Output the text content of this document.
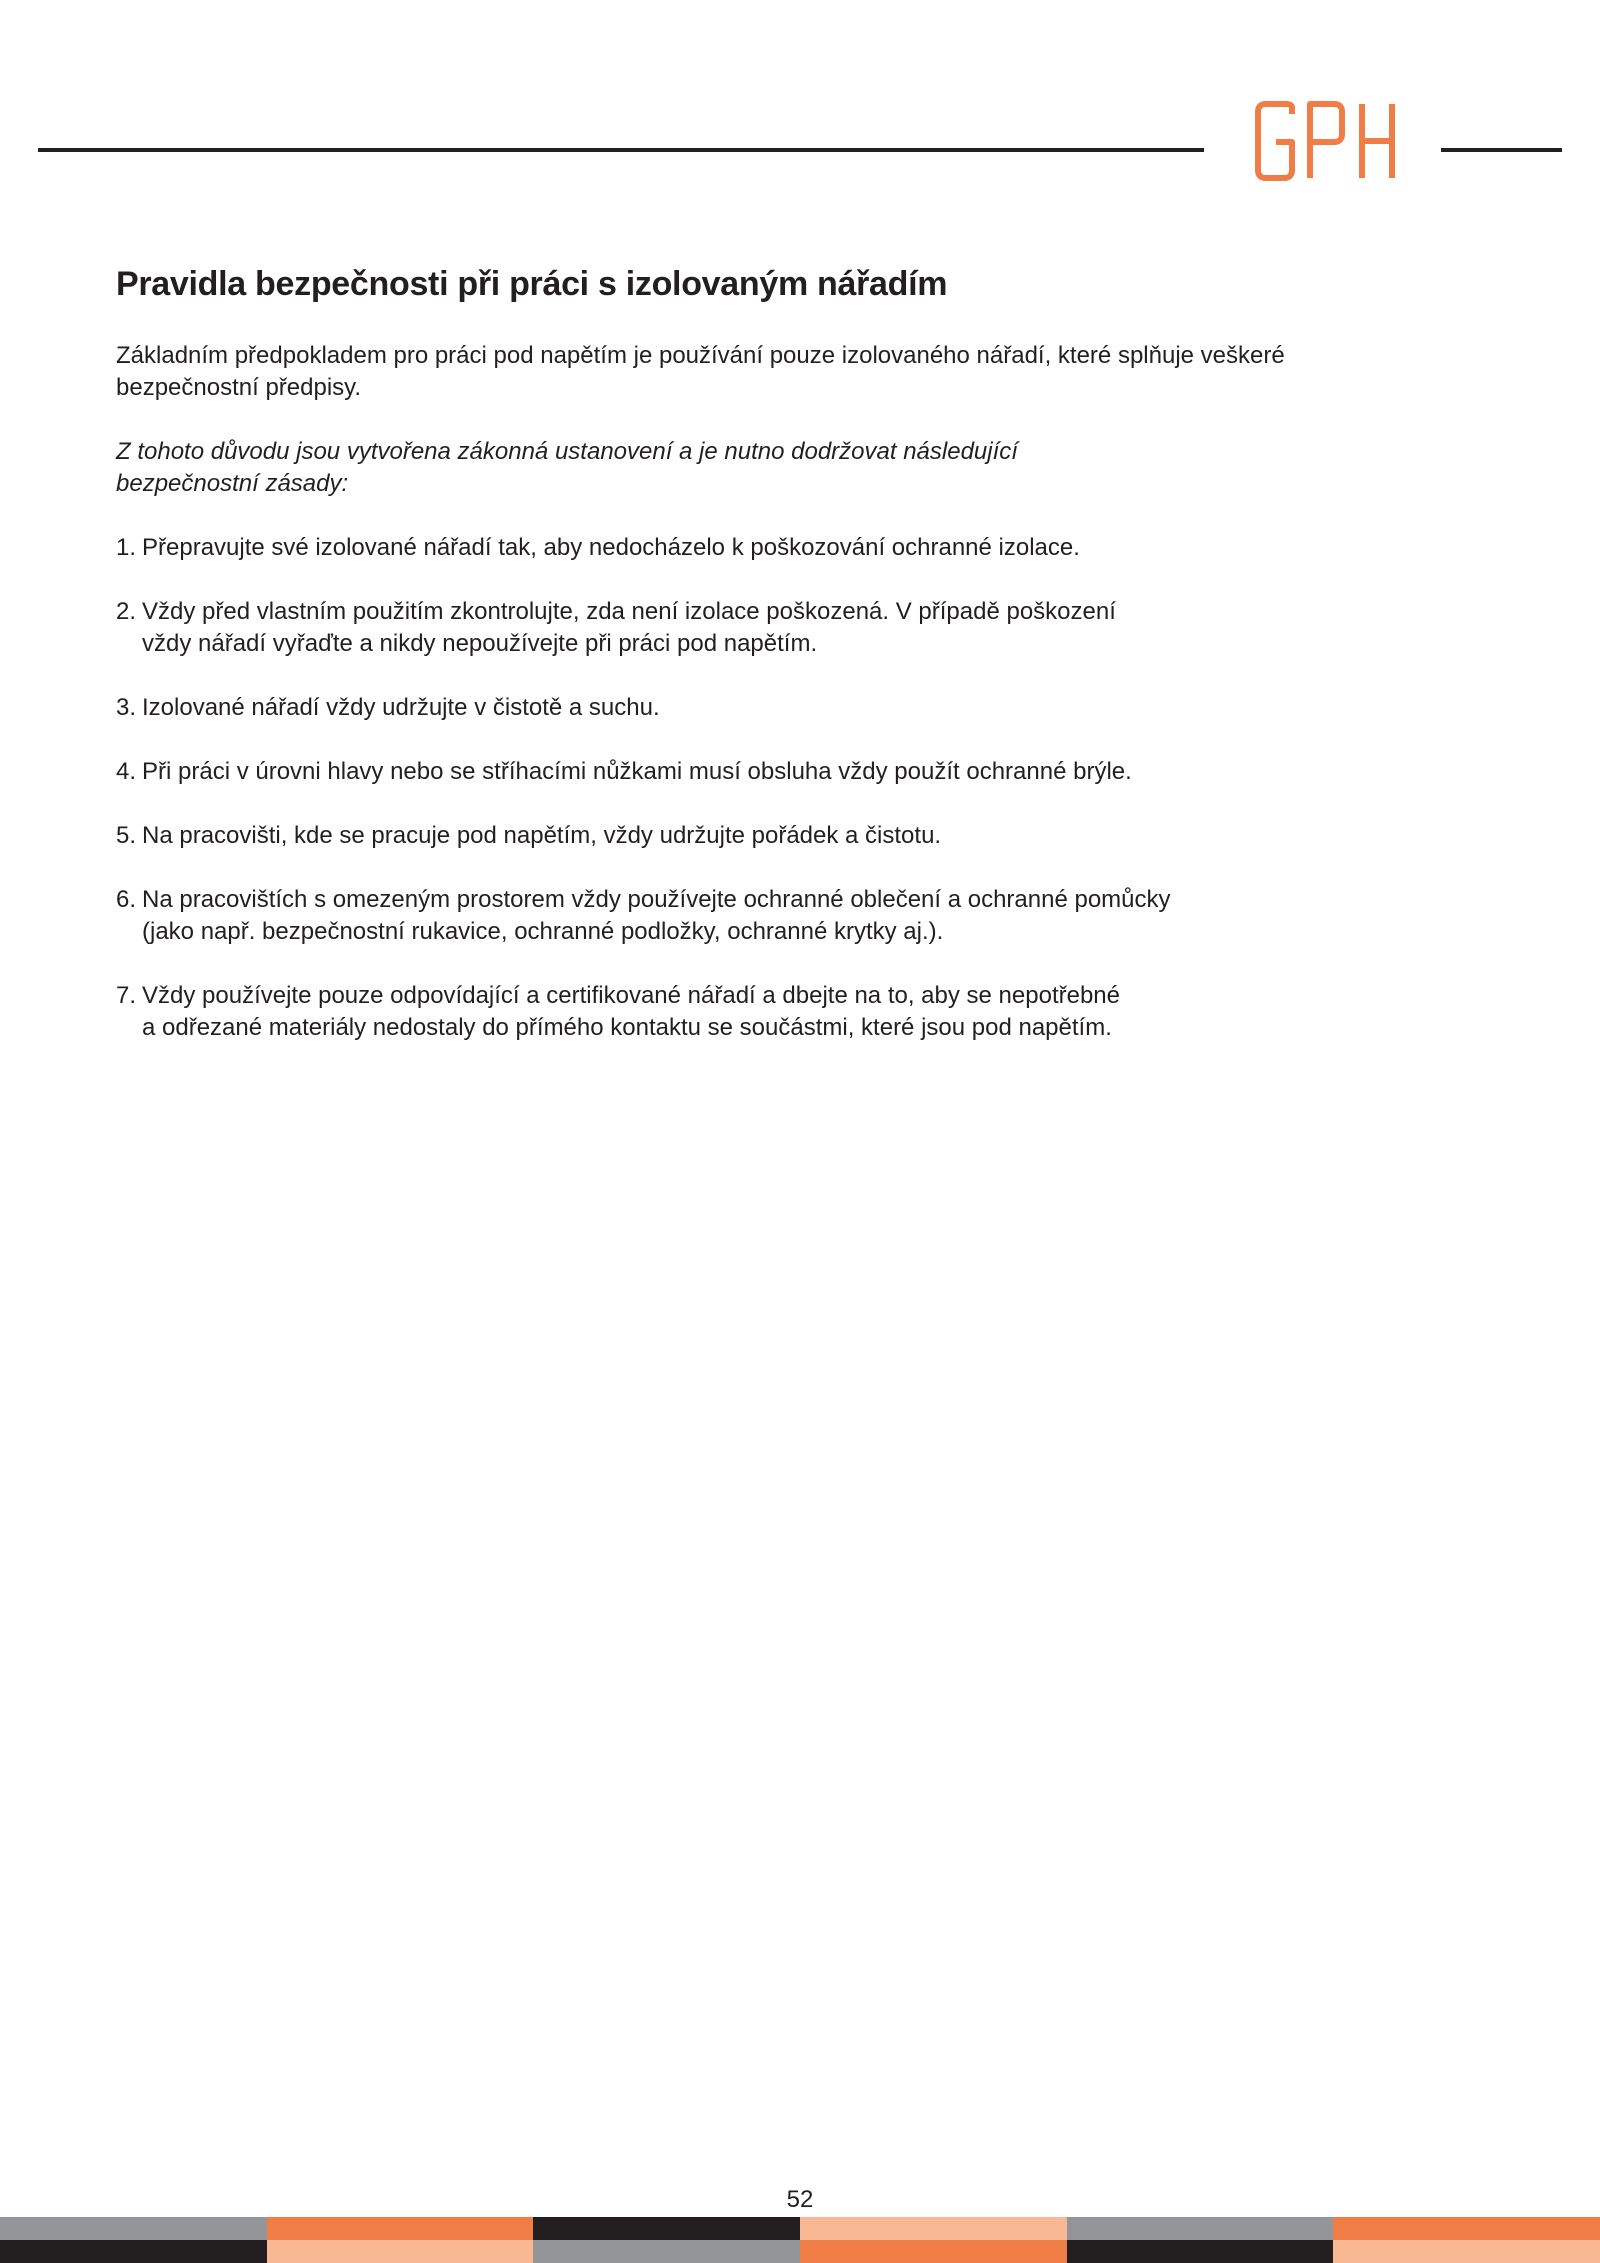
Pravidla bezpečnosti při práci s izolovaným nářadím

Základním předpokladem pro práci pod napětím je používání pouze izolovaného nářadí, které splňuje veškeré bezpečnostní předpisy.

Z tohoto důvodu jsou vytvořena zákonná ustanovení a je nutno dodržovat následující bezpečnostní zásady:

1. Přepravujte své izolované nářadí tak, aby nedocházelo k poškozování ochranné izolace.
2. Vždy před vlastním použitím zkontrolujte, zda není izolace poškozená. V případě poškození
vždy nářadí vyřaďte a nikdy nepoužívejte při práci pod napětím.
3. Izolované nářadí vždy udržujte v čistotě a suchu.
4. Při práci v úrovni hlavy nebo se stříhacími nůžkami musí obsluha vždy použít ochranné brýle.
5. Na pracovišti, kde se pracuje pod napětím, vždy udržujte pořádek a čistotu.
6. Na pracovištích s omezeným prostorem vždy používejte ochranné oblečení a ochranné pomůcky
(jako např. bezpečnostní rukavice, ochranné podložky, ochranné krytky aj.).
7. Vždy používejte pouze odpovídající a certifikované nářadí a dbejte na to, aby se nepotřebné
a odřezané materiály nedostaly do přímého kontaktu se součástmi, které jsou pod napětím.
52
